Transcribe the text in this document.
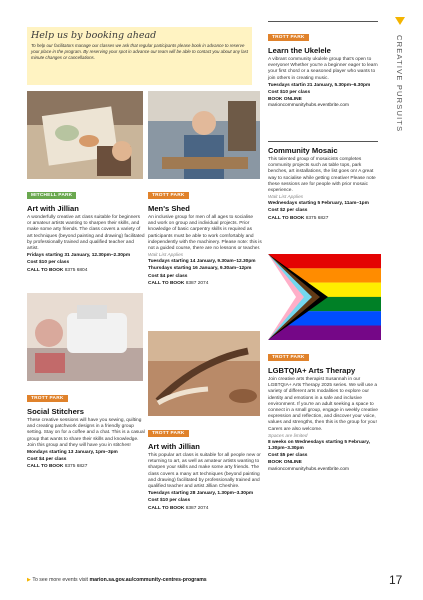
Help us by booking ahead

To help our facilitators manage our classes we ask that regular participants please book in advance to reserve your place in the program. By reserving your spot in advance our team will be able to contact you about any last minute changes or cancellations.	CREATIVE PURSUITS
MITCHELL PARK
Art with Jillian

A wonderfully creative art class suitable for beginners or amateur artists wanting to sharpen their skills, and make some arty friends. The class covers a variety of art techniques (beyond painting and drawing) facilitated by professionally trained and qualified teacher and artist.

Fridays starting 31 January, 12.30pm–2.30pm

Cost $10 per class

CALL TO BOOK 8375 6804

TROTT PARK
Social Stitchers

These creative sessions will have you sewing, quilting and creating patchwork designs in a friendly group setting. Stay on for a coffee and a chat. This is a casual group that wants to share their skills and knowledge. Join this group and they will have you in stitches!

Mondays starting 13 January, 1pm–3pm

Cost $4 per class

CALL TO BOOK 8375 6827

TROTT PARK
Men's Shed

An inclusive group for men of all ages to socialise and work on group and individual projects. Prior knowledge of basic carpentry skills is required as participants must be able to work comfortably and independently with the machinery. Please note: this is not a guided course, there are no lessons or teacher.

Wait List Applies

Tuesdays starting 14 January, 9.30am–12.30pm

Thursdays starting 16 January, 9.30am–12pm

Cost $4 per class

CALL TO BOOK 8387 2074

TROTT PARK
Art with Jillian

This popular art class is suitable for all people new or returning to art, as well as amateur artists wanting to sharpen your skills and make some arty friends. The class covers a many art techniques (beyond painting and drawing) facilitated by professionally trained and qualified teacher and artist Jillian Cheshire.

Tuesdays starting 28 January, 1.30pm–3.30pm

Cost $10 per class

CALL TO BOOK 8387 2074

TROTT PARK
Learn the Ukelele

A vibrant community ukulele group that's open to everyone! Whether you're a beginner eager to learn your first chord or a seasoned player who wants to join others in creating music.

Tuesdays startin 21 January, 5.30pm–6.30pm

Cost $10 per class

BOOK ONLINE

marioncommunityhubs.eventbrite.com

Community Mosaic

This talented group of mosaicists completes community projects such as table tops, park benches, art installations, the list goes on! A great way to socialise while getting creative! Please note these sessions are for people with prior mosaic experience.

Wait List Applies

Wednesdays starting 5 February, 11am–1pm

Cost $2 per class

CALL TO BOOK 8375 6827

TROTT PARK
LGBTQIA+ Arts Therapy

Join creative arts therapist Susannah in our LGBTQIA+ Arts Therapy 2025 series. We will use a variety of different arts modalities to explore our identity and emotions in a safe and inclusive environment. If you're an adult seeking a space to connect in a small group, engage in weekly creative expression and reflection, and discover your voice, values and strengths, then this is the group for you! Carers are also welcome.

Spaces are limited

8 weeks on Wednesdays starting 5 February, 1.30pm–3.30pm

Cost $5 per class

BOOK ONLINE

marioncommunityhubs.eventbrite.com

▶ To see more events visit marion.sa.gov.au/community-centres-programs	17
